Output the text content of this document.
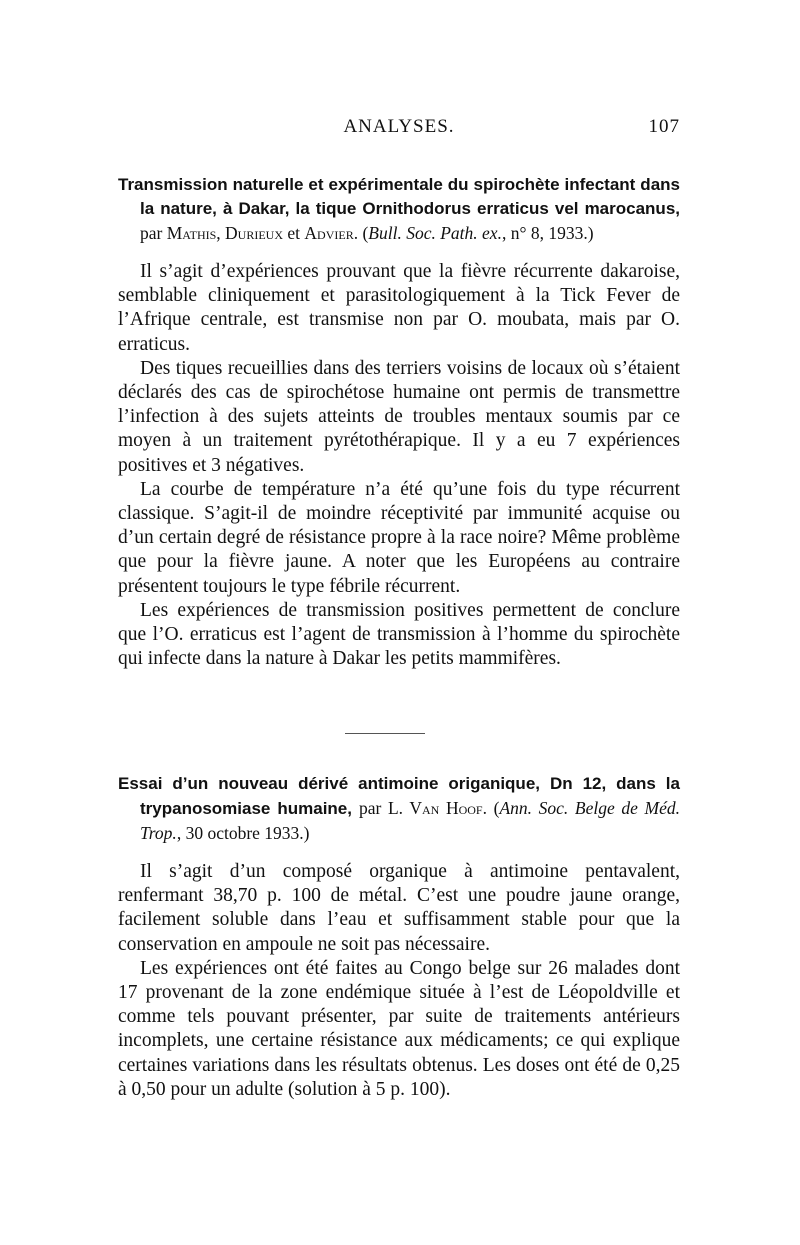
ANALYSES.	107

Transmission naturelle et expérimentale du spirochète infectant dans la nature, à Dakar, la tique Ornithodorus erraticus vel marocanus, par Mathis, Durieux et Advier. (Bull. Soc. Path. ex., n° 8, 1933.)

Il s’agit d’expériences prouvant que la fièvre récurrente dakaroise, semblable cliniquement et parasitologiquement à la Tick Fever de l’Afrique centrale, est transmise non par O. moubata, mais par O. erraticus.

Des tiques recueillies dans des terriers voisins de locaux où s’étaient déclarés des cas de spirochétose humaine ont permis de transmettre l’infection à des sujets atteints de troubles mentaux soumis par ce moyen à un traitement pyrétothérapique. Il y a eu 7 expériences positives et 3 négatives.

La courbe de température n’a été qu’une fois du type récurrent classique. S’agit-il de moindre réceptivité par immunité acquise ou d’un certain degré de résistance propre à la race noire? Même problème que pour la fièvre jaune. A noter que les Européens au contraire présentent toujours le type fébrile récurrent.

Les expériences de transmission positives permettent de conclure que l’O. erraticus est l’agent de transmission à l’homme du spirochète qui infecte dans la nature à Dakar les petits mammifères.

Essai d’un nouveau dérivé antimoine origanique, Dn 12, dans la trypanosomiase humaine, par L. Van Hoof. (Ann. Soc. Belge de Méd. Trop., 30 octobre 1933.)

Il s’agit d’un composé organique à antimoine pentavalent, renfermant 38,70 p. 100 de métal. C’est une poudre jaune orange, facilement soluble dans l’eau et suffisamment stable pour que la conservation en ampoule ne soit pas nécessaire.

Les expériences ont été faites au Congo belge sur 26 malades dont 17 provenant de la zone endémique située à l’est de Léopoldville et comme tels pouvant présenter, par suite de traitements antérieurs incomplets, une certaine résistance aux médicaments; ce qui explique certaines variations dans les résultats obtenus. Les doses ont été de 0,25 à 0,50 pour un adulte (solution à 5 p. 100).
